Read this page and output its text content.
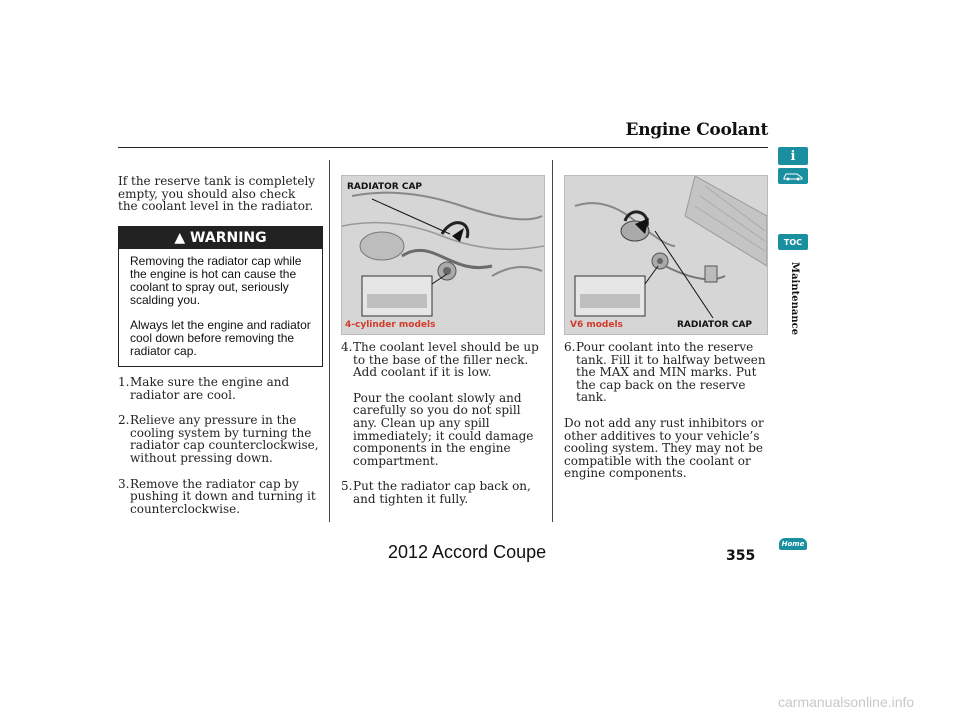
Engine Coolant
If the reserve tank is completely empty, you should also check the coolant level in the radiator.
▲ WARNING

Removing the radiator cap while the engine is hot can cause the coolant to spray out, seriously scalding you.

Always let the engine and radiator cool down before removing the radiator cap.

1. Make sure the engine and radiator are cool.
2. Relieve any pressure in the cooling system by turning the radiator cap counterclockwise, without pressing down.
3. Remove the radiator cap by pushing it down and turning it counterclockwise.
RADIATOR CAP
4-cylinder models
4. The coolant level should be up to the base of the filler neck. Add coolant if it is low.
Pour the coolant slowly and carefully so you do not spill any. Clean up any spill immediately; it could damage components in the engine compartment.
5. Put the radiator cap back on, and tighten it fully.
V6 models	RADIATOR CAP
6. Pour coolant into the reserve tank. Fill it to halfway between the MAX and MIN marks. Put the cap back on the reserve tank.
Do not add any rust inhibitors or other additives to your vehicle’s cooling system. They may not be compatible with the coolant or engine components.
i
TOC
Maintenance
Home
355
2012 Accord Coupe
carmanualsonline.info
